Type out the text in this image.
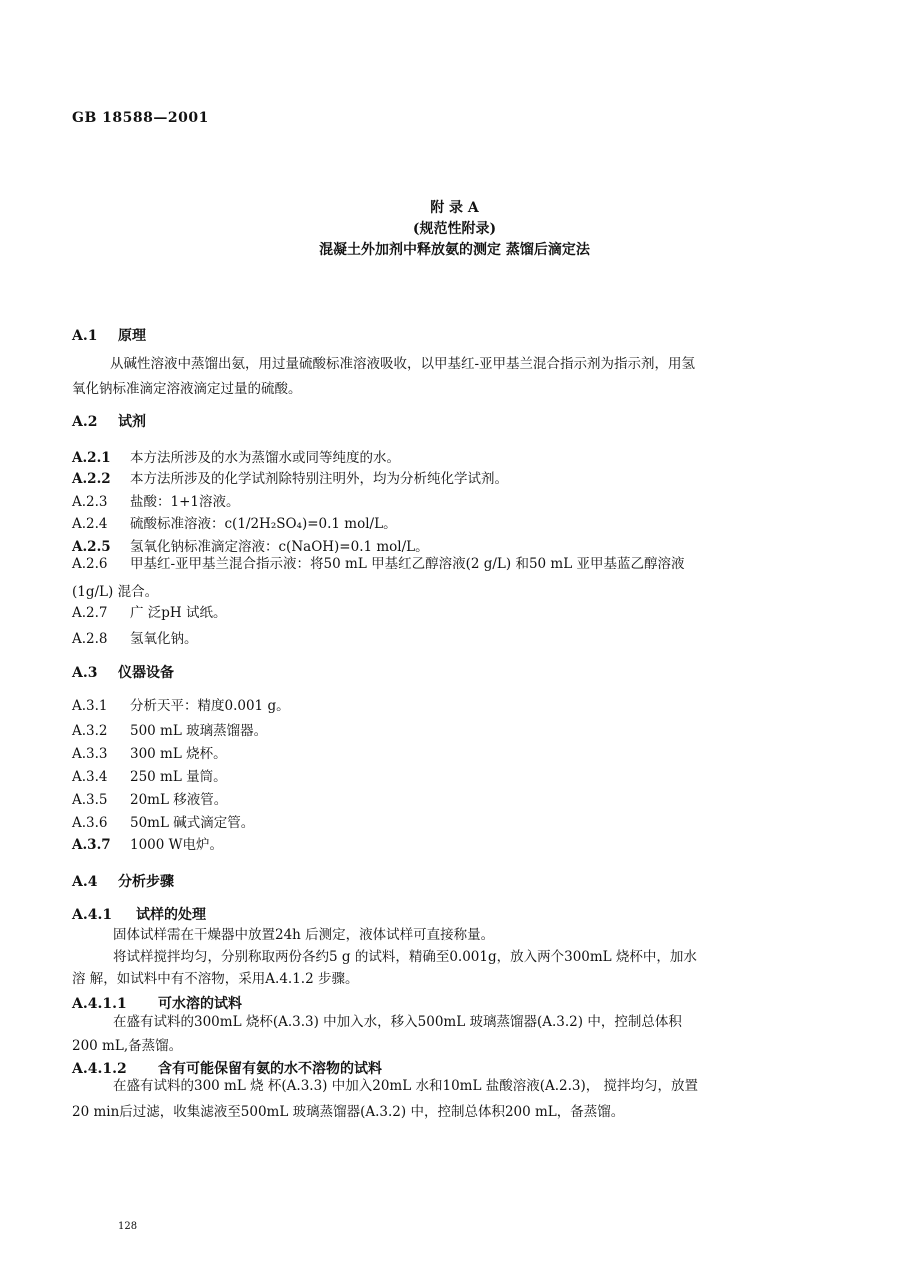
GB 18588—2001
附 录 A
(规范性附录)
混凝土外加剂中释放氨的测定 蒸馏后滴定法
A.1 原理
从碱性溶液中蒸馏出氨，用过量硫酸标准溶液吸收，以甲基红-亚甲基兰混合指示剂为指示剂，用氢
氧化钠标准滴定溶液滴定过量的硫酸。
A.2 试剂
A.2.1 本方法所涉及的水为蒸馏水或同等纯度的水。
A.2.2 本方法所涉及的化学试剂除特别注明外，均为分析纯化学试剂。
A.2.3 盐酸：1+1溶液。
A.2.4 硫酸标准溶液：c(1/2H₂SO₄)=0.1 mol/L。
A.2.5 氢氧化钠标准滴定溶液：c(NaOH)=0.1 mol/L。
A.2.6 甲基红-亚甲基兰混合指示液：将50 mL 甲基红乙醇溶液(2 g/L) 和50 mL 亚甲基蓝乙醇溶液
(1g/L) 混合。
A.2.7 广 泛pH 试纸。
A.2.8 氢氧化钠。
A.3 仪器设备
A.3.1 分析天平：精度0.001 g。
A.3.2 500 mL 玻璃蒸馏器。
A.3.3 300 mL 烧杯。
A.3.4 250 mL 量筒。
A.3.5 20mL 移液管。
A.3.6 50mL 碱式滴定管。
A.3.7 1000 W电炉。
A.4 分析步骤
A.4.1 试样的处理
固体试样需在干燥器中放置24h 后测定，液体试样可直接称量。
将试样搅拌均匀，分别称取两份各约5 g 的试料，精确至0.001g，放入两个300mL 烧杯中，加水
溶 解，如试料中有不溶物，采用A.4.1.2 步骤。
A.4.1.1 可水溶的试料
在盛有试料的300mL 烧杯(A.3.3) 中加入水，移入500mL 玻璃蒸馏器(A.3.2) 中，控制总体积
200 mL,备蒸馏。
A.4.1.2 含有可能保留有氨的水不溶物的试料
在盛有试料的300 mL 烧 杯(A.3.3) 中加入20mL 水和10mL 盐酸溶液(A.2.3)， 搅拌均匀，放置
20 min后过滤，收集滤液至500mL 玻璃蒸馏器(A.3.2) 中，控制总体积200 mL，备蒸馏。
128
